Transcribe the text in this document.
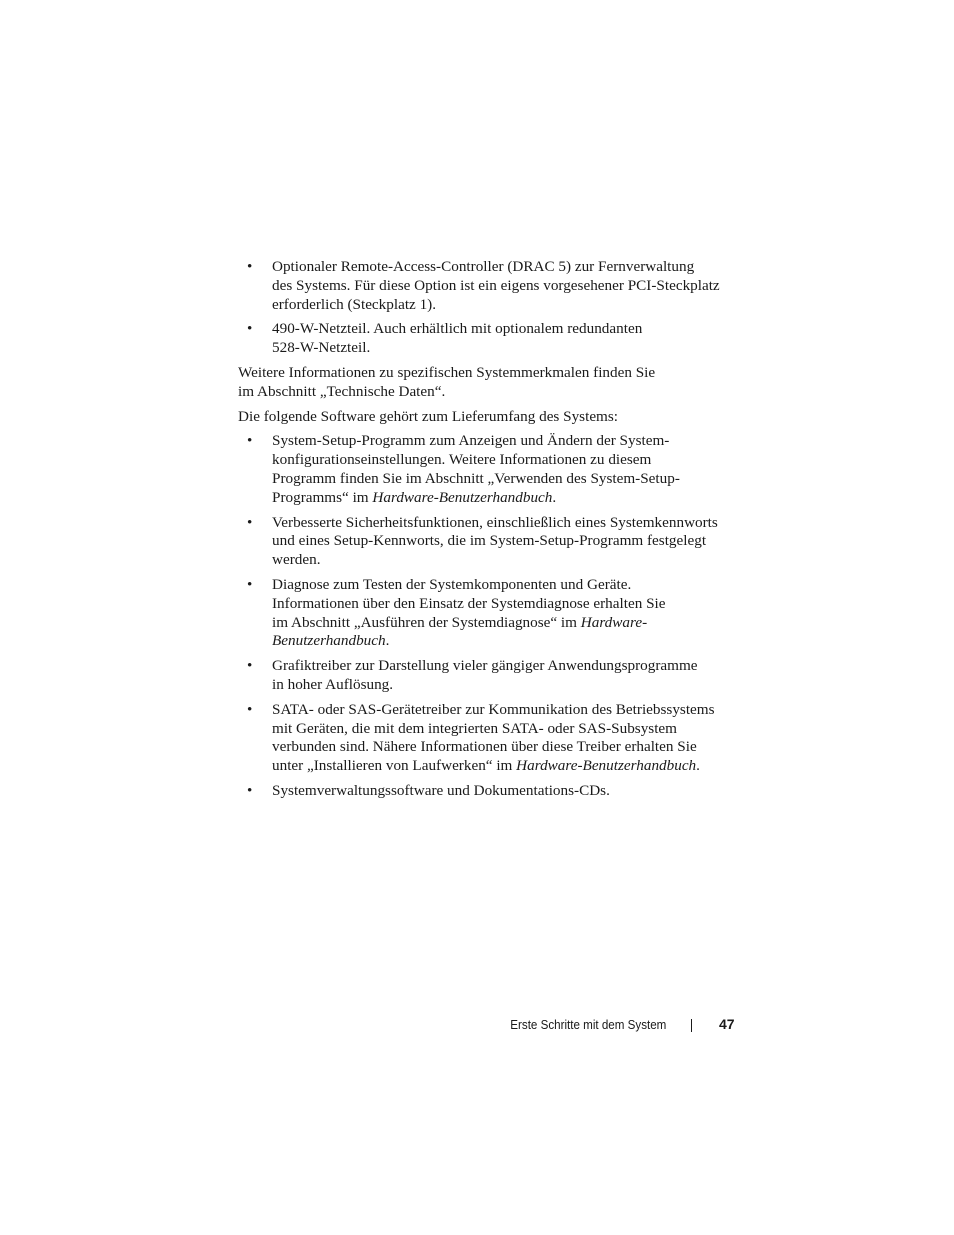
• Optionaler Remote-Access-Controller (DRAC 5) zur Fernverwaltung
des Systems. Für diese Option ist ein eigens vorgesehener PCI-Steckplatz
erforderlich (Steckplatz 1).
• 490-W-Netzteil. Auch erhältlich mit optionalem redundanten
528-W-Netzteil.

Weitere Informationen zu spezifischen Systemmerkmalen finden Sie
im Abschnitt „Technische Daten“.

Die folgende Software gehört zum Lieferumfang des Systems:

• System-Setup-Programm zum Anzeigen und Ändern der System-
konfigurationseinstellungen. Weitere Informationen zu diesem
Programm finden Sie im Abschnitt „Verwenden des System-Setup-
Programms“ im Hardware-Benutzerhandbuch.
• Verbesserte Sicherheitsfunktionen, einschließlich eines Systemkennworts
und eines Setup-Kennworts, die im System-Setup-Programm festgelegt
werden.
• Diagnose zum Testen der Systemkomponenten und Geräte.
Informationen über den Einsatz der Systemdiagnose erhalten Sie
im Abschnitt „Ausführen der Systemdiagnose“ im Hardware-
Benutzerhandbuch.
• Grafiktreiber zur Darstellung vieler gängiger Anwendungsprogramme
in hoher Auflösung.
• SATA- oder SAS-Gerätetreiber zur Kommunikation des Betriebssystems
mit Geräten, die mit dem integrierten SATA- oder SAS-Subsystem
verbunden sind. Nähere Informationen über diese Treiber erhalten Sie
unter „Installieren von Laufwerken“ im Hardware-Benutzerhandbuch.
• Systemverwaltungssoftware und Dokumentations-CDs.
Erste Schritte mit dem System	47
